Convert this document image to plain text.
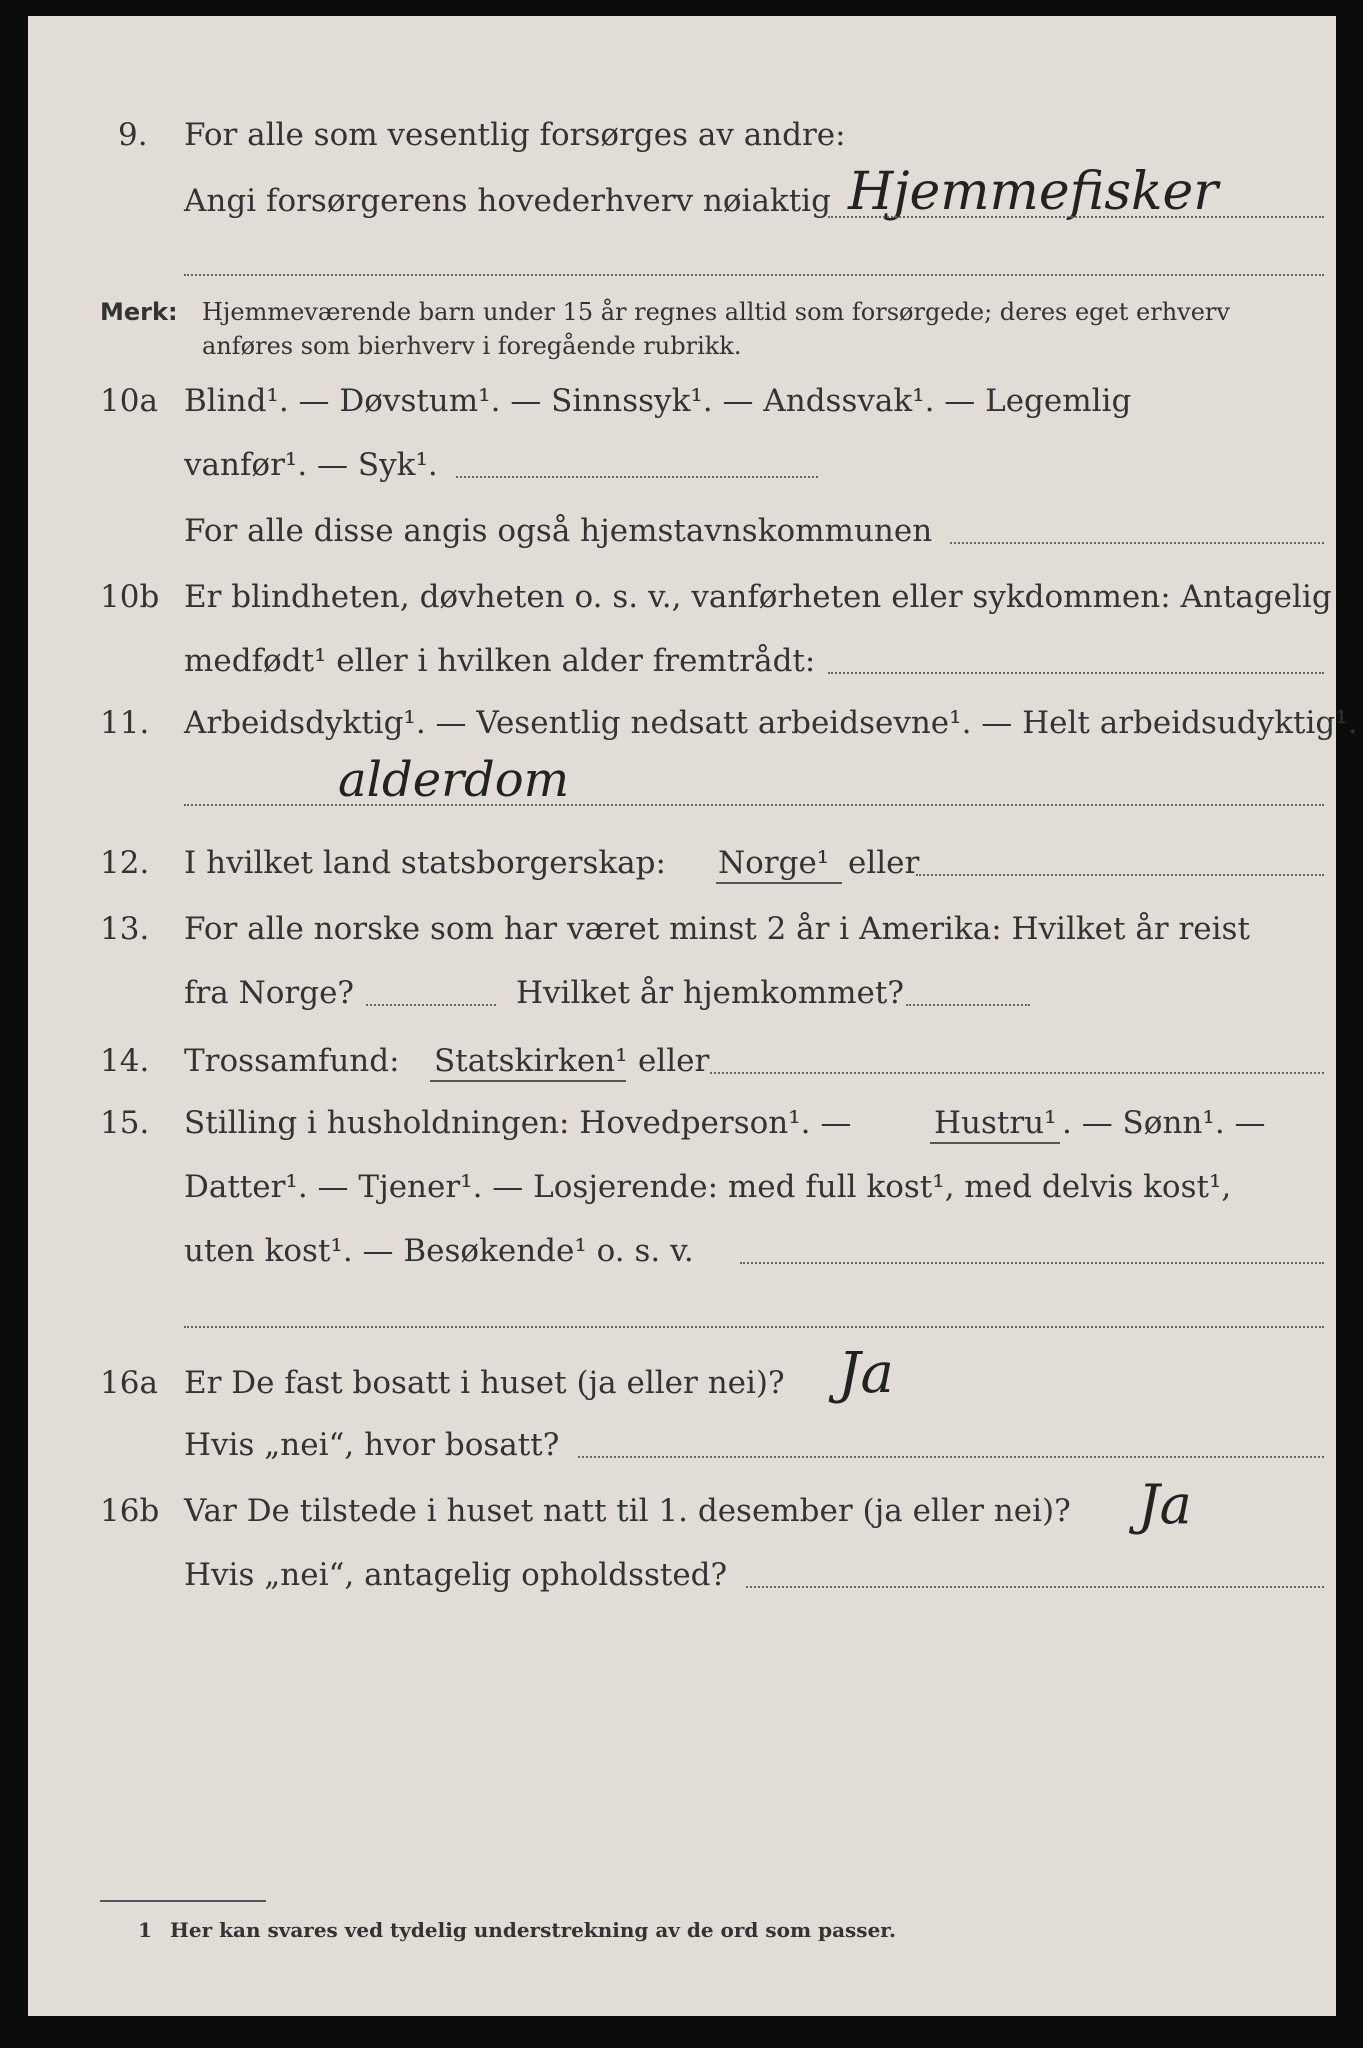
9. For alle som vesentlig forsørges av andre:
Angi forsørgerens hovederhverv nøiaktig Hjemmefisker
Merk: Hjemmeværende barn under 15 år regnes alltid som forsørgede; deres eget erhverv
anføres som bierhverv i foregående rubrikk.
10a Blind¹. — Døvstum¹. — Sinnssyk¹. — Andssvak¹. — Legemlig
vanfør¹. — Syk¹.
For alle disse angis også hjemstavnskommunen
10b Er blindheten, døvheten o. s. v., vanførheten eller sykdommen: Antagelig
medfødt¹ eller i hvilken alder fremtrådt:
11. Arbeidsdyktig¹. — Vesentlig nedsatt arbeidsevne¹. — Helt arbeidsudyktig¹.
alderdom
12. I hvilket land statsborgerskap: Norge¹ eller
13. For alle norske som har været minst 2 år i Amerika: Hvilket år reist
fra Norge?	Hvilket år hjemkommet?
14. Trossamfund: Statskirken¹ eller
15. Stilling i husholdningen: Hovedperson¹. —	Hustru¹ . — Sønn¹. —
Datter¹. — Tjener¹. — Losjerende: med full kost¹, med delvis kost¹,
uten kost¹. — Besøkende¹ o. s. v.
16a Er De fast bosatt i huset (ja eller nei)? Ja
Hvis „nei“, hvor bosatt?
16b Var De tilstede i huset natt til 1. desember (ja eller nei)? Ja
Hvis „nei“, antagelig opholdssted?
1 Her kan svares ved tydelig understrekning av de ord som passer.
